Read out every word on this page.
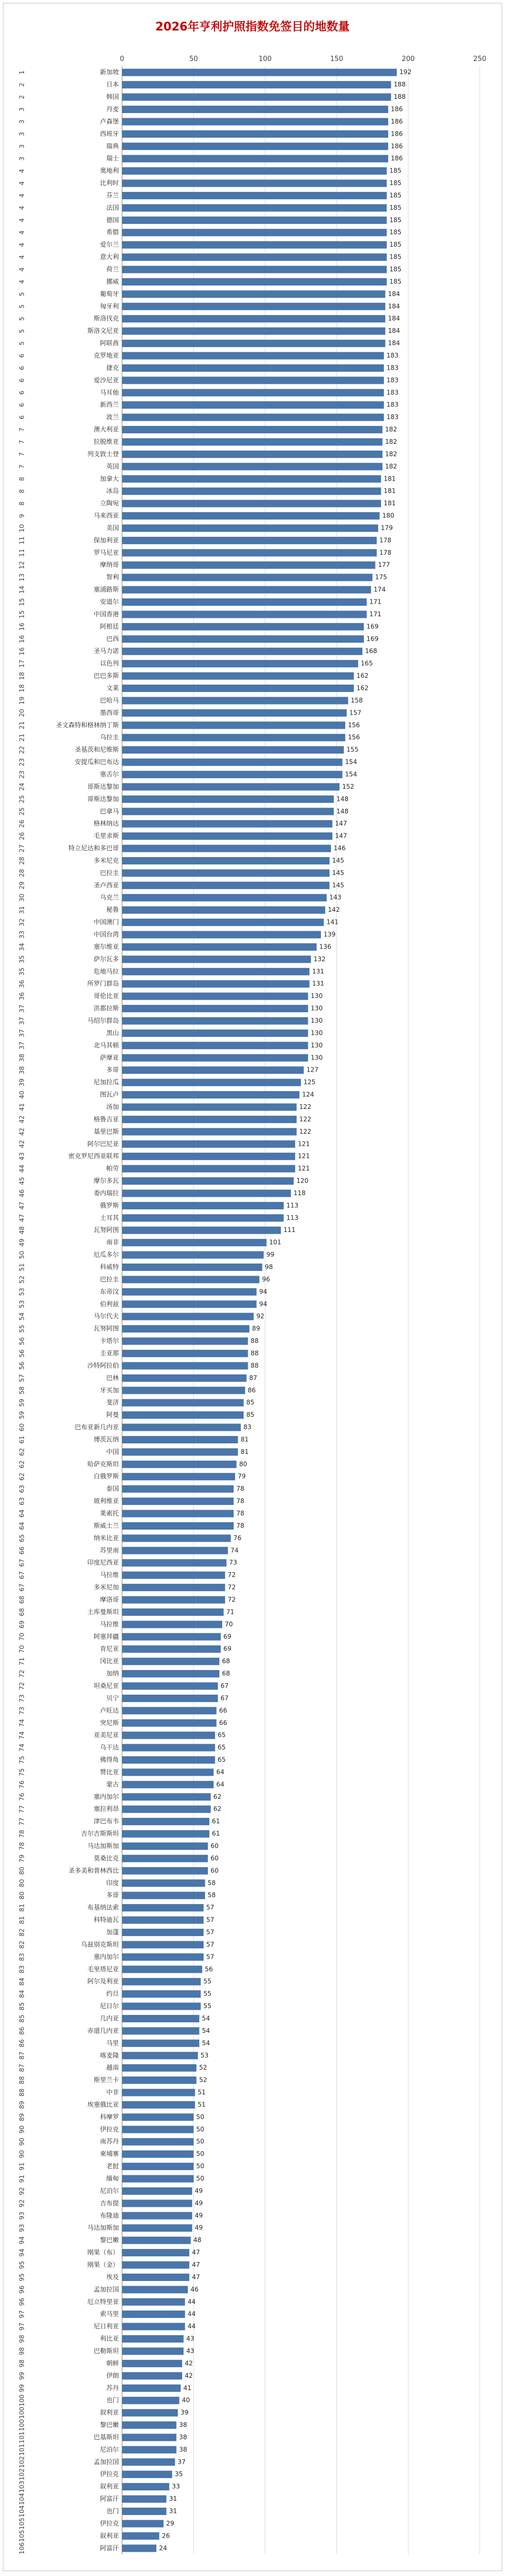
2026年亨利护照指数免签目的地数量
0	50	100	150	200	250
1	新加坡	192
2	日本	188
2	韩国	188
3	丹麦	186
3	卢森堡	186
3	西班牙	186
3	瑞典	186
3	瑞士	186
4	奥地利	185
4	比利时	185
4	芬兰	185
4	法国	185
4	德国	185
4	希腊	185
4	爱尔兰	185
4	意大利	185
4	荷兰	185
4	挪威	185
5	葡萄牙	184
5	匈牙利	184
5	斯洛伐克	184
5	斯洛文尼亚	184
5	阿联酋	184
6	克罗地亚	183
6	捷克	183
6	爱沙尼亚	183
6	马耳他	183
6	新西兰	183
6	波兰	183
7	澳大利亚	182
7	拉脱维亚	182
7	列支敦士登	182
7	英国	182
8	加拿大	181
8	冰岛	181
8	立陶宛	181
9	马来西亚	180
10	美国	179
11	保加利亚	178
11	罗马尼亚	178
12	摩纳哥	177
13	智利	175
14	塞浦路斯	174
15	安道尔	171
15	中国香港	171
16	阿根廷	169
16	巴西	169
16	圣马力诺	168
17	以色列	165
18	巴巴多斯	162
18	文莱	162
19	巴哈马	158
20	墨西哥	157
21	圣文森特和格林纳丁斯	156
21	乌拉圭	156
22	圣基茨和尼维斯	155
23	安提瓜和巴布达	154
23	塞舌尔	154
24	哥斯达黎加	152
25	哥斯达黎加	148
25	巴拿马	148
26	格林纳达	147
26	毛里求斯	147
27	特立尼达和多巴哥	146
28	多米尼克	145
28	巴拉圭	145
29	圣卢西亚	145
30	乌克兰	143
31	秘鲁	142
32	中国澳门	141
33	中国台湾	139
34	塞尔维亚	136
35	萨尔瓦多	132
35	危地马拉	131
36	所罗门群岛	131
36	哥伦比亚	130
37	洪都拉斯	130
37	马绍尔群岛	130
37	黑山	130
37	北马其顿	130
38	萨摩亚	130
38	多哥	127
39	尼加拉瓜	125
40	图瓦卢	124
41	汤加	122
42	格鲁吉亚	122
42	基里巴斯	122
42	阿尔巴尼亚	121
43	密克罗尼西亚联邦	121
44	帕劳	121
45	摩尔多瓦	120
46	委内瑞拉	118
47	俄罗斯	113
47	土耳其	113
48	瓦努阿图	111
49	南非	101
50	厄瓜多尔	99
51	科威特	98
52	巴拉圭	96
53	东帝汶	94
53	伯利兹	94
54	马尔代夫	92
55	瓦努阿图	89
56	卡塔尔	88
56	圭亚那	88
56	沙特阿拉伯	88
57	巴林	87
58	牙买加	86
59	斐济	85
59	阿曼	85
60	巴布亚新几内亚	83
61	博茨瓦纳	81
62	中国	81
62	哈萨克斯坦	80
62	白俄罗斯	79
63	泰国	78
63	玻利维亚	78
64	莱索托	78
64	斯威士兰	78
65	纳米比亚	76
66	苏里南	74
67	印度尼西亚	73
67	马拉维	72
67	多米尼加	72
68	摩洛哥	72
68	土库曼斯坦	71
69	马拉维	70
70	阿塞拜疆	69
70	肯尼亚	69
71	冈比亚	68
72	加纳	68
72	坦桑尼亚	67
73	贝宁	67
73	卢旺达	66
74	突尼斯	66
74	亚美尼亚	65
74	乌干达	65
75	佛得角	65
75	赞比亚	64
76	蒙古	64
76	塞内加尔	62
77	塞拉利昂	62
77	津巴布韦	61
78	吉尔吉斯斯坦	61
78	马达加斯加	60
79	莫桑比克	60
80	圣多美和普林西比	60
80	印度	58
80	多哥	58
81	布基纳法索	57
81	科特迪瓦	57
82	加蓬	57
82	乌兹别克斯坦	57
83	塞内加尔	57
83	毛里塔尼亚	56
84	阿尔及利亚	55
84	约旦	55
85	尼日尔	55
85	几内亚	54
86	赤道几内亚	54
86	马里	54
87	喀麦隆	53
87	越南	52
88	斯里兰卡	52
88	中非	51
89	埃塞俄比亚	51
89	科摩罗	50
90	伊拉克	50
90	南苏丹	50
90	柬埔寨	50
91	老挝	50
91	缅甸	50
92	尼泊尔	49
92	吉布提	49
93	布隆迪	49
93	马达加斯加	49
94	黎巴嫩	48
94	刚果（布）	47
95	刚果（金）	47
95	埃及	47
96	孟加拉国	46
96	厄立特里亚	44
97	索马里	44
97	尼日利亚	44
98	利比亚	43
98	巴勒斯坦	43
98	朝鲜	42
99	伊朗	42
99	苏丹	41
100	也门	40
100	叙利亚	39
100	黎巴嫩	38
101	巴基斯坦	38
101	尼泊尔	38
102	孟加拉国	37
102	伊拉克	35
103	叙利亚	33
104	阿富汗	31
104	也门	31
105	伊拉克	29
105	叙利亚	26
106	阿富汗	24
